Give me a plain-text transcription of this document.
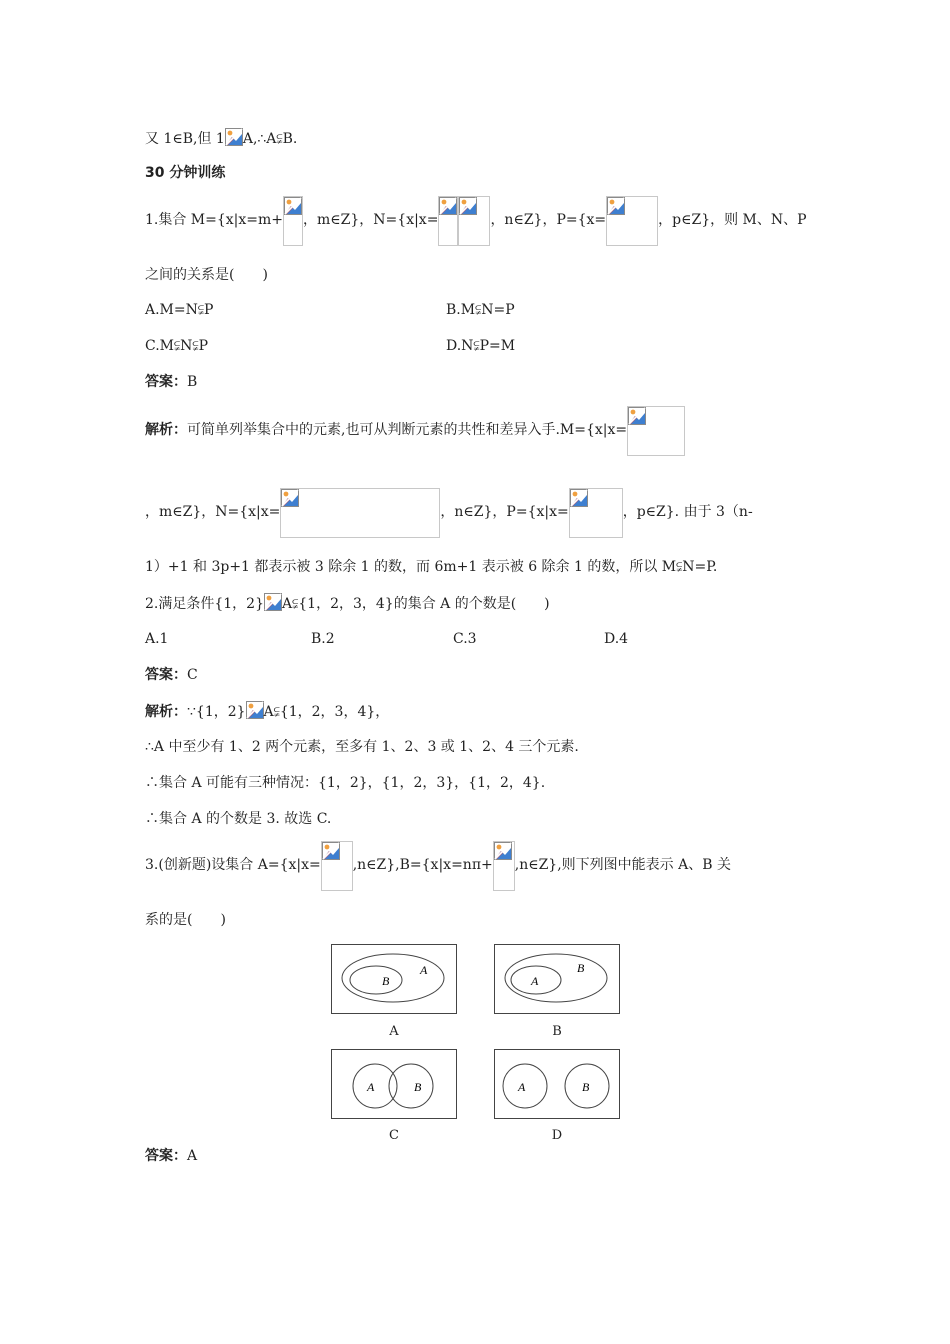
又 1∈B,但 1 A,∴A⫋B.
30 分钟训练
1.集合 M={x|x=m+ ，m∈Z}，N={x|x=	，n∈Z}，P={x=	，p∈Z}，则 M、N、P
之间的关系是(　　)
A.M=N⫋P	B.M⫋N=P
C.M⫋N⫋P	D.N⫋P=M
答案：B
解析：可简单列举集合中的元素,也可从判断元素的共性和差异入手.M={x|x=
，m∈Z}，N={x|x=	，n∈Z}，P={x|x=	，p∈Z}. 由于 3（n-
1）+1 和 3p+1 都表示被 3 除余 1 的数，而 6m+1 表示被 6 除余 1 的数，所以 M⫋N=P.
2.满足条件{1，2} A⫋{1，2，3，4}的集合 A 的个数是(　　)
A.1	B.2	C.3	D.4
答案：C
解析：∵{1，2} A⫋{1，2，3，4}，
∴A 中至少有 1、2 两个元素，至多有 1、2、3 或 1、2、4 三个元素.
∴集合 A 可能有三种情况：{1，2}，{1，2，3}，{1，2，4}.
∴集合 A 的个数是 3. 故选 C.
3.(创新题)设集合 A={x|x= ,n∈Z},B={x|x=nπ+ ,n∈Z},则下列图中能表示 A、B 关
系的是(　　)
B
A
A
A
B
B
A	B
C
A	B
D
答案：A
